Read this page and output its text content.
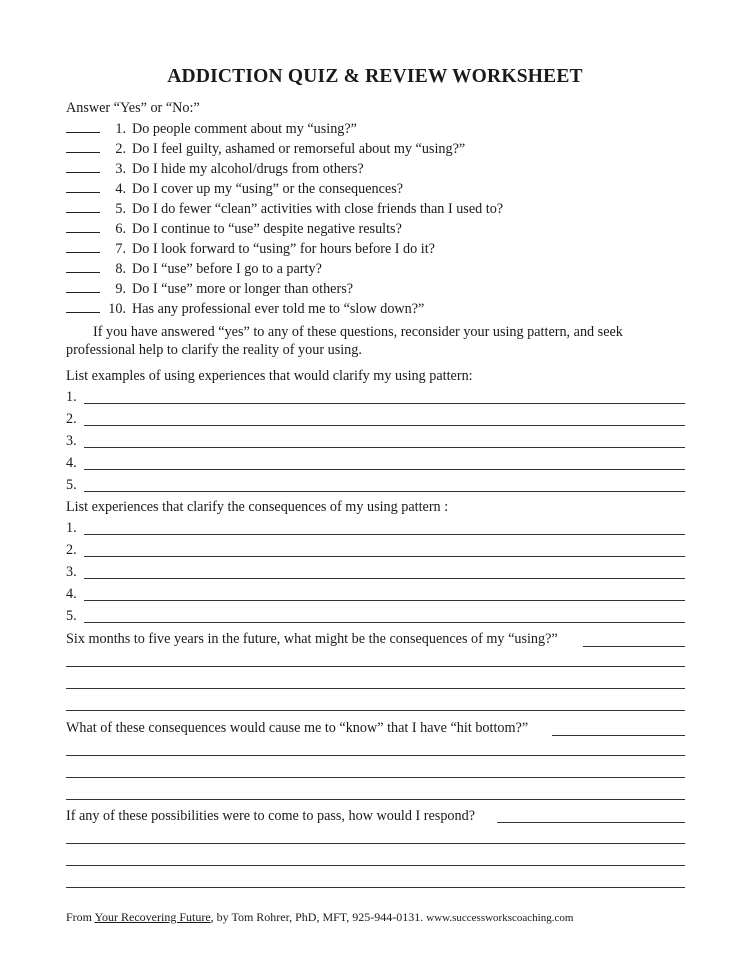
ADDICTION QUIZ & REVIEW WORKSHEET
Answer “Yes” or “No:”
1. Do people comment about my “using?”
2. Do I feel guilty, ashamed or remorseful about my “using?”
3. Do I hide my alcohol/drugs from others?
4. Do I cover up my “using” or the consequences?
5. Do I do fewer “clean” activities with close friends than I used to?
6. Do I continue to “use” despite negative results?
7. Do I look forward to “using” for hours before I do it?
8. Do I “use” before I go to a party?
9. Do I “use” more or longer than others?
10. Has any professional ever told me to “slow down?”
If you have answered “yes” to any of these questions, reconsider your using pattern, and seek
professional help to clarify the reality of your using.
List examples of using experiences that would clarify my using pattern:
1.
2.
3.
4.
5.
List experiences that clarify the consequences of my using pattern :
1.
2.
3.
4.
5.
Six months to five years in the future, what might be the consequences of my “using?”
What of these consequences would cause me to “know” that I have “hit bottom?”
If any of these possibilities were to come to pass, how would I respond?
From Your Recovering Future, by Tom Rohrer, PhD, MFT, 925-944-0131. www.successworkscoaching.com
